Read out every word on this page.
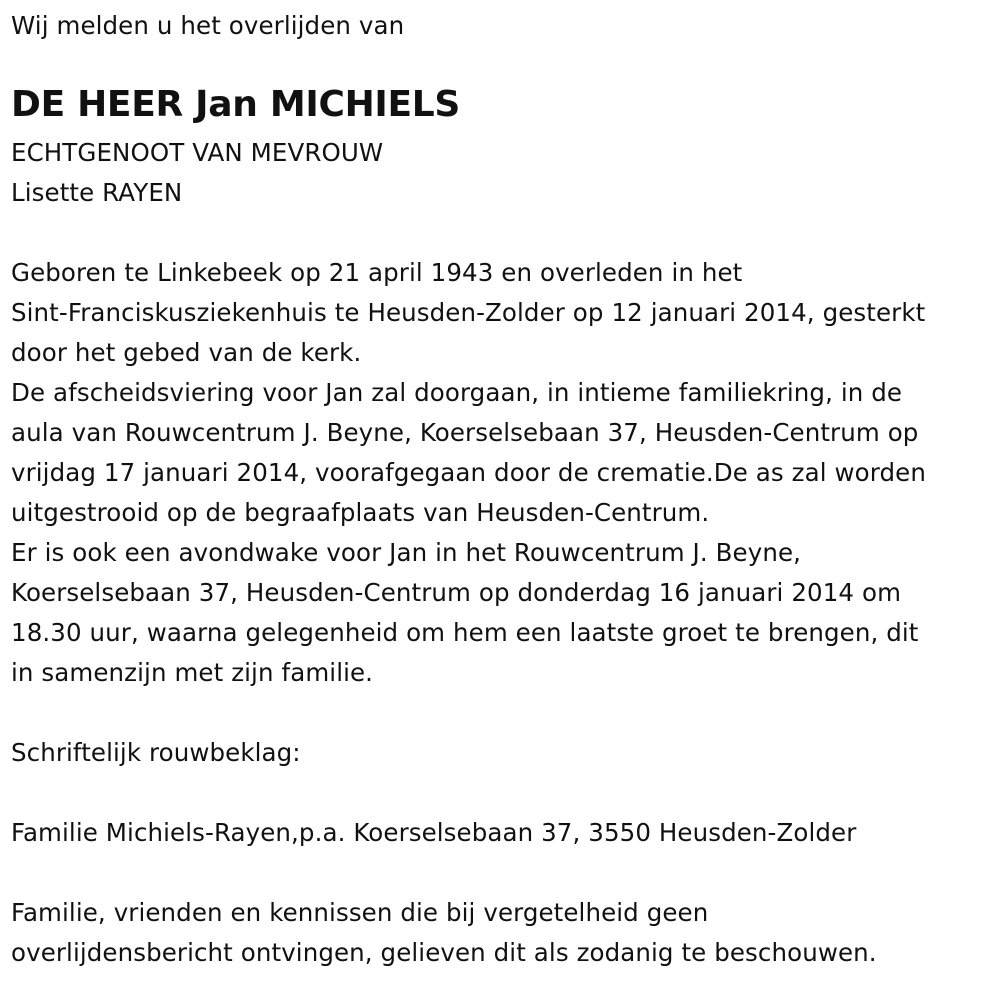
Wij melden u het overlijden van
DE HEER Jan MICHIELS
ECHTGENOOT VAN MEVROUW
Lisette RAYEN
Geboren te Linkebeek op 21 april 1943 en overleden in het
Sint-Franciskusziekenhuis te Heusden-Zolder op 12 januari 2014, gesterkt
door het gebed van de kerk.
De afscheidsviering voor Jan zal doorgaan, in intieme familiekring, in de
aula van Rouwcentrum J. Beyne, Koerselsebaan 37, Heusden-Centrum op
vrijdag 17 januari 2014, voorafgegaan door de crematie.De as zal worden
uitgestrooid op de begraafplaats van Heusden-Centrum.
Er is ook een avondwake voor Jan in het Rouwcentrum J. Beyne,
Koerselsebaan 37, Heusden-Centrum op donderdag 16 januari 2014 om
18.30 uur, waarna gelegenheid om hem een laatste groet te brengen, dit
in samenzijn met zijn familie.
Schriftelijk rouwbeklag:
Familie Michiels-Rayen,p.a. Koerselsebaan 37, 3550 Heusden-Zolder
Familie, vrienden en kennissen die bij vergetelheid geen
overlijdensbericht ontvingen, gelieven dit als zodanig te beschouwen.
